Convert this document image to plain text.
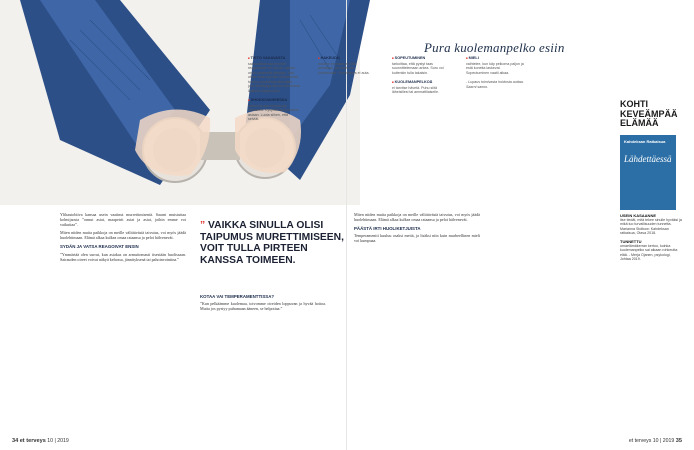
Pura kuolemanpelko esiin
■ TIETO VAKAVASTA
sairaudesta saa ihmiset reagoimaan eri tavoin, vaikka onkin jokaiselle järkytys. Yksi ottaa asian kylmän rauhallisesti, toinen purskahtaa itkemään, joku kielttäytyy aluksi uskomasta lääkärin diagnoosia.
■ SHOKKIVAIHEESSA
epäsoiva saa helpotusta läheisistä. Kysyttämistä puuttua asiaan. Luota siihen, että selviät.
■ HAKEUDU
muiden seuraan ja puhu peloistasi, jos koet sen luontevaksi. Yksinäisyys ei auta.
■ SOPEUTUMINEN
tarkoittaa, että pystyt taas suunnittelemaan arkea. Suru voi kuitenkin tulla takaisin.
■ KUOLEMANPELKOÄ
ei tarvitse hävetä. Puhu siitä läheisillesi tai ammattilaiselle.
■ MIELI
vaihtelee, kun käy pelkoma paljon ja estä koneita laskevat. Sopeutuminen vaatii aikaa.
- Lupaus toimivasta hoidosta auttaa. Saarni sanoo.
” VAIKKA SINULLA OLISI TAIPUMUS MURETTIMISEEN, VOIT TULLA PIRTEEN KANSSA TOIMEEN.
Ylihautobiiva kansaa usein vaatinut murrettimisentä. Saarni muistuttaa kolmijaosta ”onnut asiat, maapetrit asiat ja asiat, joihin emme voi vaikuttaa”.
Miten niiden muita paikkoja on meille välittävästä taivutus, voi myös jäädä huolehtimaan. Elämä alkaa kulkea omaa rataansa ja pelot hälvenevät.
SYDÄN JA VATSA REAGOIVAT ENSIN
”Ymmärtää olen surrut, kun asiakas on armuttomasti itsestään huolissaan. Sairauden oireet voivat näkyä kehossa, jännityksenä tai pahoinvointina.”
KOTAA VAI TEMPERAMENTTISSA?
”Kun pelkäämme kuolemaa, toivomme oireiden loppuvan ja hyvää hoitoa. Mutta jos pystyy puhumaan ääneen, se helpottaa.”
Miten niiden muita paikkoja on meille välittävästä taivutus, voi myös jäädä huolehtimaan. Elämä alkaa kulkea omaa rataansa ja pelot hälvenevät.
PÄÄSTÄ IRTI HUOLIKETJUISTA
Temperamentti kuuluu osaksi meitä, ja lisäksi niin kuin murheellinen mieli voi kumpuaa.
KOHTI KEVEÄMPÄÄ ELÄMÄÄ
Kahdeksan Ratkaisua
Lähdettäessä
USEIN KASAANNE
itse tiedät, mitä tekee sinulle hyväksi ja mikä luo turvallisuuden tunnetta. Marianna Stolbow: Kahdeksan ratkaisua, Otava 2018.
TUNNETTU
omaelämäkerran kertoo, kuinka kuolemanpelko sai aikaan rohkeutta elää. - Merja Ojanen, psykologi, Johtaa 2019.
34 et terveys 10 | 2019	et terveys 10 | 2019 35
